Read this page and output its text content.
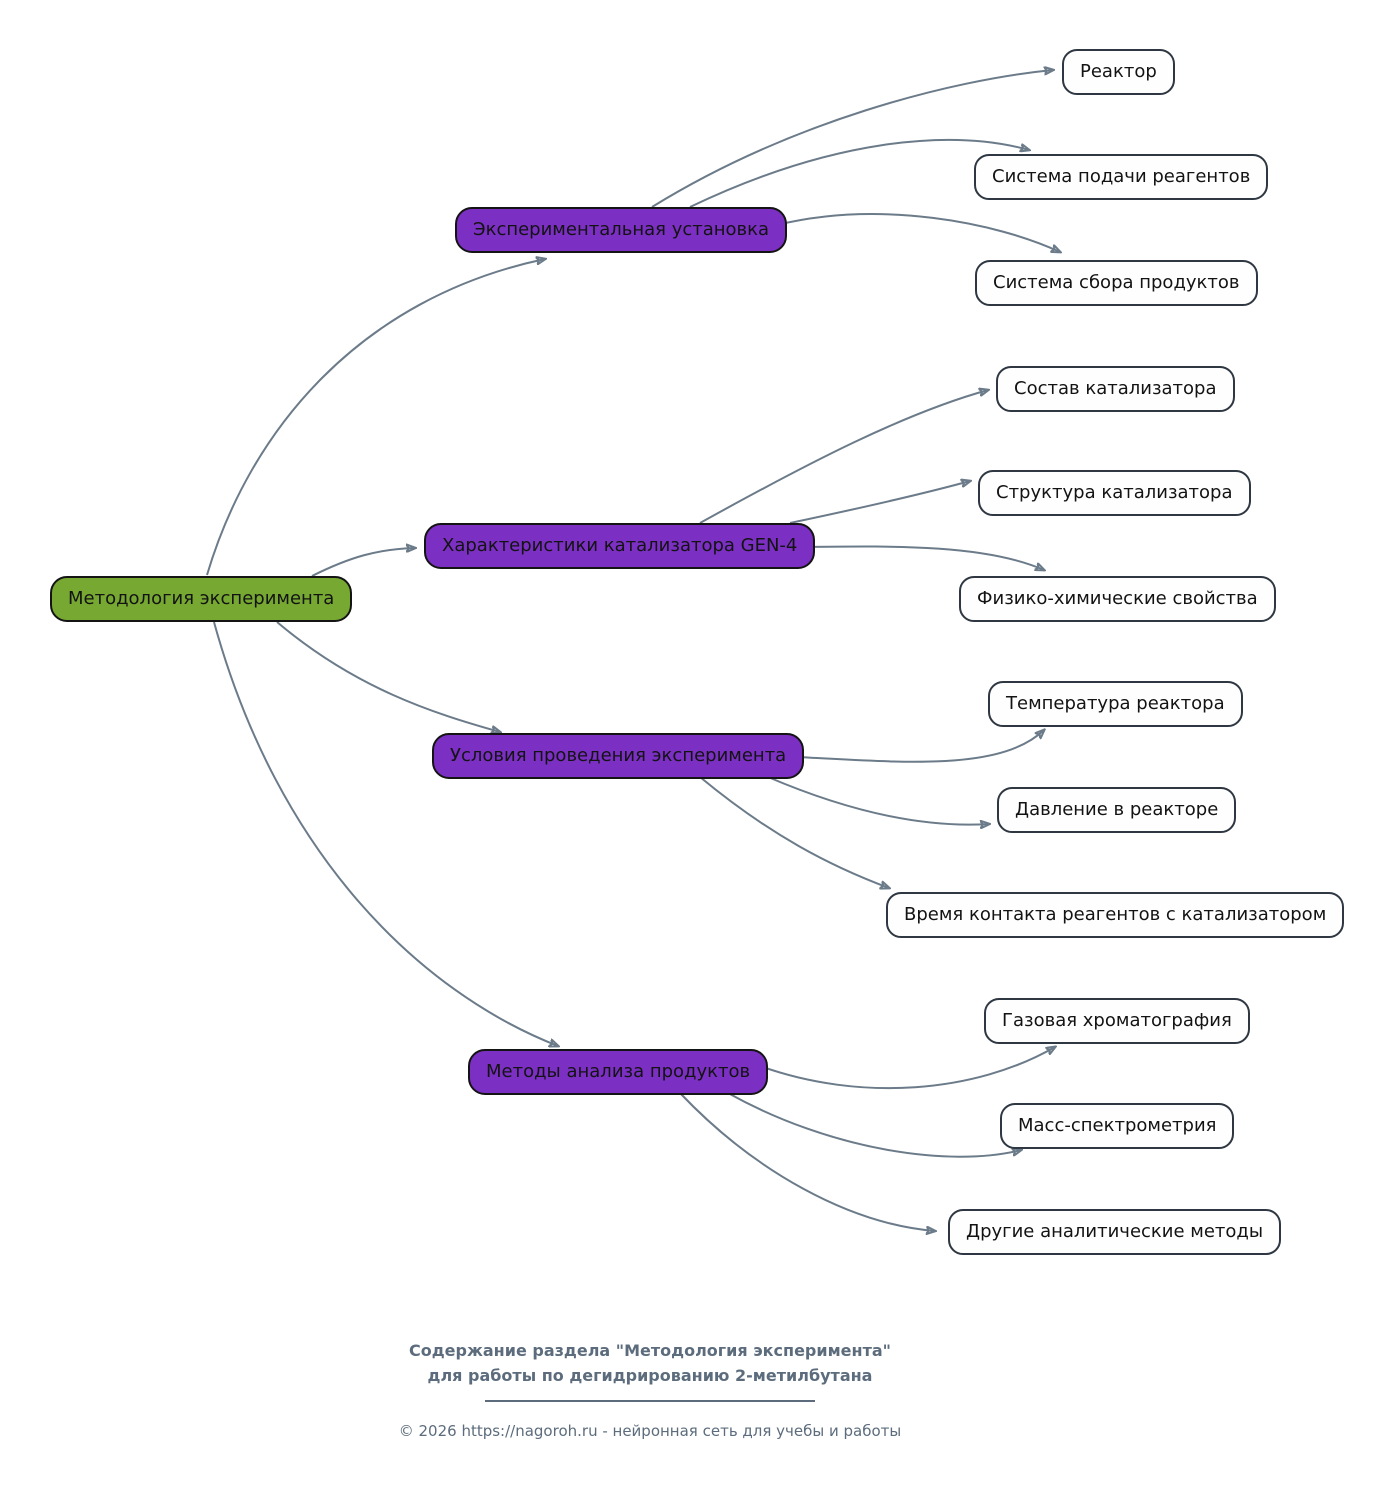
Методология эксперимента
Экспериментальная установка
Характеристики катализатора GEN-4
Условия проведения эксперимента
Методы анализа продуктов
Реактор
Система подачи реагентов
Система сбора продуктов
Состав катализатора
Структура катализатора
Физико-химические свойства
Температура реактора
Давление в реакторе
Время контакта реагентов с катализатором
Газовая хроматография
Масс-спектрометрия
Другие аналитические методы
Содержание раздела "Методология эксперимента"
для работы по дегидрированию 2-метилбутана
© 2026 https://nagoroh.ru - нейронная сеть для учебы и работы
